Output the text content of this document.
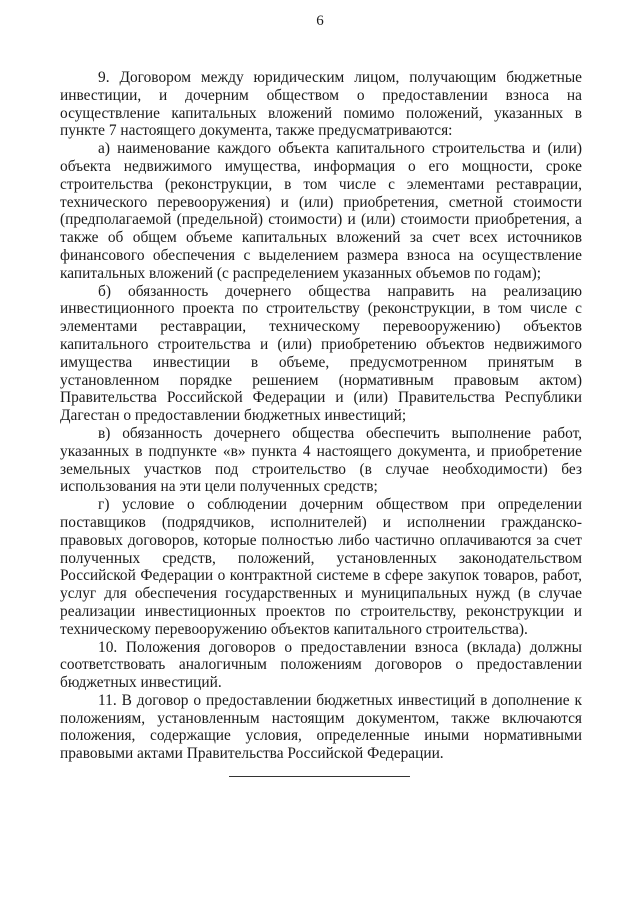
6

9. Договором между юридическим лицом, получающим бюджетные инвестиции, и дочерним обществом о предоставлении взноса на осуществление капитальных вложений помимо положений, указанных в пункте 7 настоящего документа, также предусматриваются:

а) наименование каждого объекта капитального строительства и (или) объекта недвижимого имущества, информация о его мощности, сроке строительства (реконструкции, в том числе с элементами реставрации, технического перевооружения) и (или) приобретения, сметной стоимости (предполагаемой (предельной) стоимости) и (или) стоимости приобретения, а также об общем объеме капитальных вложений за счет всех источников финансового обеспечения с выделением размера взноса на осуществление капитальных вложений (с распределением указанных объемов по годам);

б) обязанность дочернего общества направить на реализацию инвестиционного проекта по строительству (реконструкции, в том числе с элементами реставрации, техническому перевооружению) объектов капитального строительства и (или) приобретению объектов недвижимого имущества инвестиции в объеме, предусмотренном принятым в установленном порядке решением (нормативным правовым актом) Правительства Российской Федерации и (или) Правительства Республики Дагестан о предоставлении бюджетных инвестиций;

в) обязанность дочернего общества обеспечить выполнение работ, указанных в подпункте «в» пункта 4 настоящего документа, и приобретение земельных участков под строительство (в случае необходимости) без использования на эти цели полученных средств;

г) условие о соблюдении дочерним обществом при определении поставщиков (подрядчиков, исполнителей) и исполнении гражданско-правовых договоров, которые полностью либо частично оплачиваются за счет полученных средств, положений, установленных законодательством Российской Федерации о контрактной системе в сфере закупок товаров, работ, услуг для обеспечения государственных и муниципальных нужд (в случае реализации инвестиционных проектов по строительству, реконструкции и техническому перевооружению объектов капитального строительства).

10. Положения договоров о предоставлении взноса (вклада) должны соответствовать аналогичным положениям договоров о предоставлении бюджетных инвестиций.

11. В договор о предоставлении бюджетных инвестиций в дополнение к положениям, установленным настоящим документом, также включаются положения, содержащие условия, определенные иными нормативными правовыми актами Правительства Российской Федерации.
